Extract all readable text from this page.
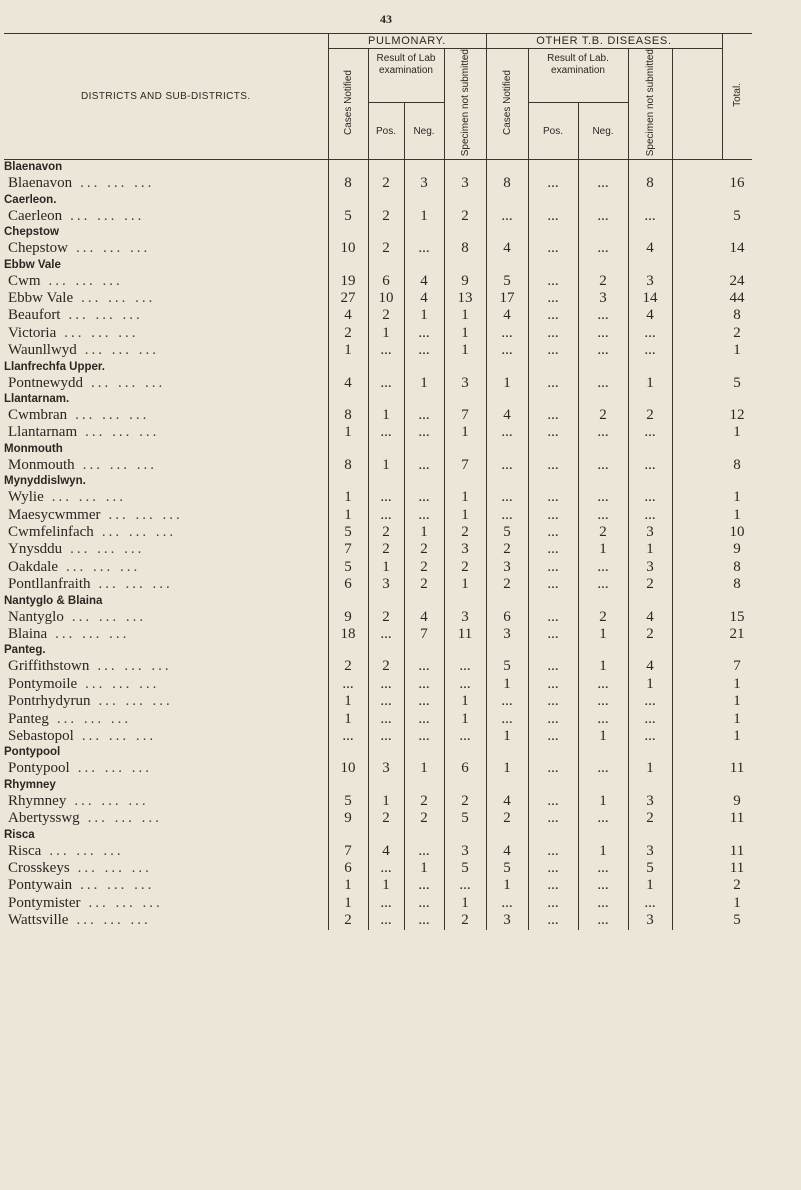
43
DISTRICTS AND SUB-DISTRICTS.	PULMONARY.				OTHER T.B. DISEASES.					Total.
	Cases Notified	Result of Lab examination		Specimen not submitted	Cases Notified	Result of Lab. examination		Specimen not submitted		
		Pos.	Neg.			Pos.	Neg.			
Blaenavon										
Blaenavon ... ... ...	8	2	3	3	8	...	...	8		16
Caerleon.										
Caerleon ... ... ...	5	2	1	2	...	...	...	...		5
Chepstow										
Chepstow ... ... ...	10	2	...	8	4	...	...	4		14
Ebbw Vale										
Cwm ... ... ...	19	6	4	9	5	...	2	3		24
Ebbw Vale ... ... ...	27	10	4	13	17	...	3	14		44
Beaufort ... ... ...	4	2	1	1	4	...	...	4		8
Victoria ... ... ...	2	1	...	1	...	...	...	...		2
Waunllwyd ... ... ...	1	...	...	1	...	...	...	...		1
Llanfrechfa Upper.										
Pontnewydd ... ... ...	4	...	1	3	1	...	...	1		5
Llantarnam.										
Cwmbran ... ... ...	8	1	...	7	4	...	2	2		12
Llantarnam ... ... ...	1	...	...	1	...	...	...	...		1
Monmouth										
Monmouth ... ... ...	8	1	...	7	...	...	...	...		8
Mynyddislwyn.										
Wylie ... ... ...	1	...	...	1	...	...	...	...		1
Maesycwmmer ... ... ...	1	...	...	1	...	...	...	...		1
Cwmfelinfach ... ... ...	5	2	1	2	5	...	2	3		10
Ynysddu ... ... ...	7	2	2	3	2	...	1	1		9
Oakdale ... ... ...	5	1	2	2	3	...	...	3		8
Pontllanfraith ... ... ...	6	3	2	1	2	...	...	2		8
Nantyglo & Blaina										
Nantyglo ... ... ...	9	2	4	3	6	...	2	4		15
Blaina ... ... ...	18	...	7	11	3	...	1	2		21
Panteg.										
Griffithstown ... ... ...	2	2	...	...	5	...	1	4		7
Pontymoile ... ... ...	...	...	...	...	1	...	...	1		1
Pontrhydyrun ... ... ...	1	...	...	1	...	...	...	...		1
Panteg ... ... ...	1	...	...	1	...	...	...	...		1
Sebastopol ... ... ...	...	...	...	...	1	...	1	...		1
Pontypool										
Pontypool ... ... ...	10	3	1	6	1	...	...	1		11
Rhymney										
Rhymney ... ... ...	5	1	2	2	4	...	1	3		9
Abertysswg ... ... ...	9	2	2	5	2	...	...	2		11
Risca										
Risca ... ... ...	7	4	...	3	4	...	1	3		11
Crosskeys ... ... ...	6	...	1	5	5	...	...	5		11
Pontywain ... ... ...	1	1	...	...	1	...	...	1		2
Pontymister ... ... ...	1	...	...	1	...	...	...	...		1
Wattsville ... ... ...	2	...	...	2	3	...	...	3		5
